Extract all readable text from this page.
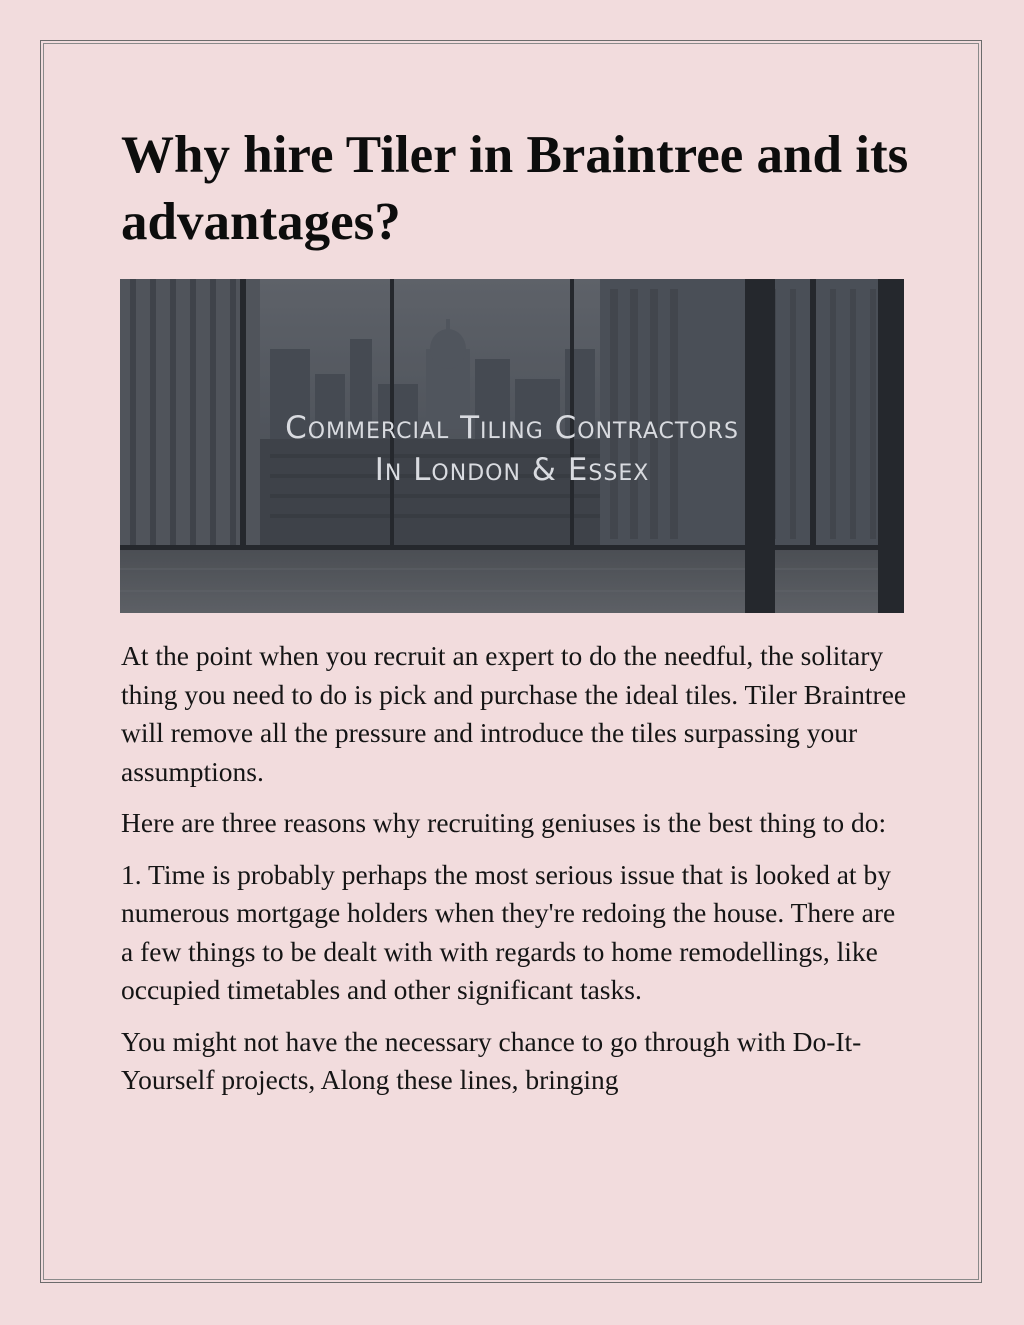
Why hire Tiler in Braintree and its advantages?
Commercial Tiling Contractors
In London & Essex

At the point when you recruit an expert to do the needful, the solitary thing you need to do is pick and purchase the ideal tiles. Tiler Braintree will remove all the pressure and introduce the tiles surpassing your assumptions.

Here are three reasons why recruiting geniuses is the best thing to do:

1. Time is probably perhaps the most serious issue that is looked at by numerous mortgage holders when they're redoing the house. There are a few things to be dealt with with regards to home remodellings, like occupied timetables and other significant tasks.

You might not have the necessary chance to go through with Do-It-Yourself projects, Along these lines, bringing
